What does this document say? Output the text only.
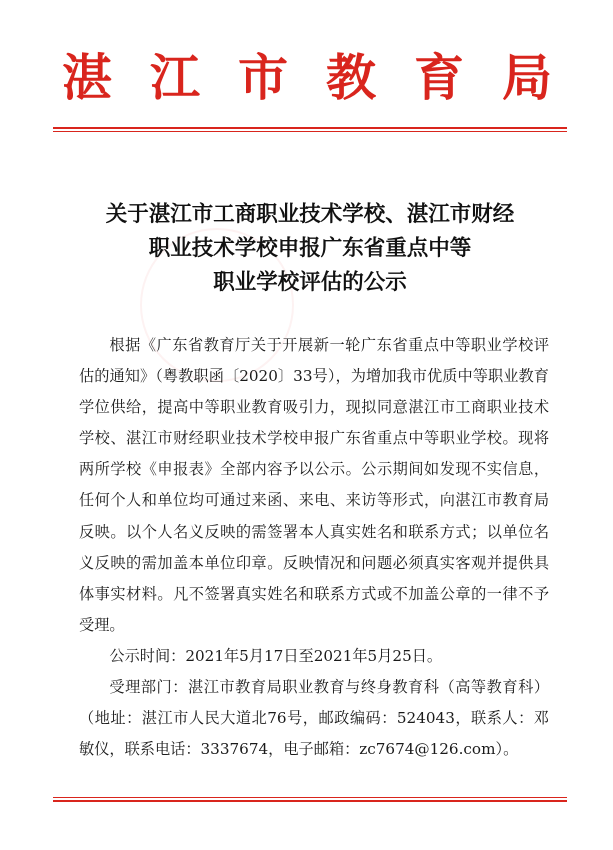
湛 江 市 教 育 局
关于湛江市工商职业技术学校、湛江市财经
职业技术学校申报广东省重点中等
职业学校评估的公示

根据《广东省教育厅关于开展新一轮广东省重点中等职业学校评估的通知》（粤教职函〔2020〕33号），为增加我市优质中等职业教育学位供给，提高中等职业教育吸引力，现拟同意湛江市工商职业技术学校、湛江市财经职业技术学校申报广东省重点中等职业学校。现将两所学校《申报表》全部内容予以公示。公示期间如发现不实信息，任何个人和单位均可通过来函、来电、来访等形式，向湛江市教育局反映。以个人名义反映的需签署本人真实姓名和联系方式；以单位名义反映的需加盖本单位印章。反映情况和问题必须真实客观并提供具体事实材料。凡不签署真实姓名和联系方式或不加盖公章的一律不予受理。

公示时间：2021年5月17日至2021年5月25日。

受理部门：湛江市教育局职业教育与终身教育科（高等教育科）（地址：湛江市人民大道北76号，邮政编码：524043，联系人：邓敏仪，联系电话：3337674，电子邮箱：zc7674@126.com）。
